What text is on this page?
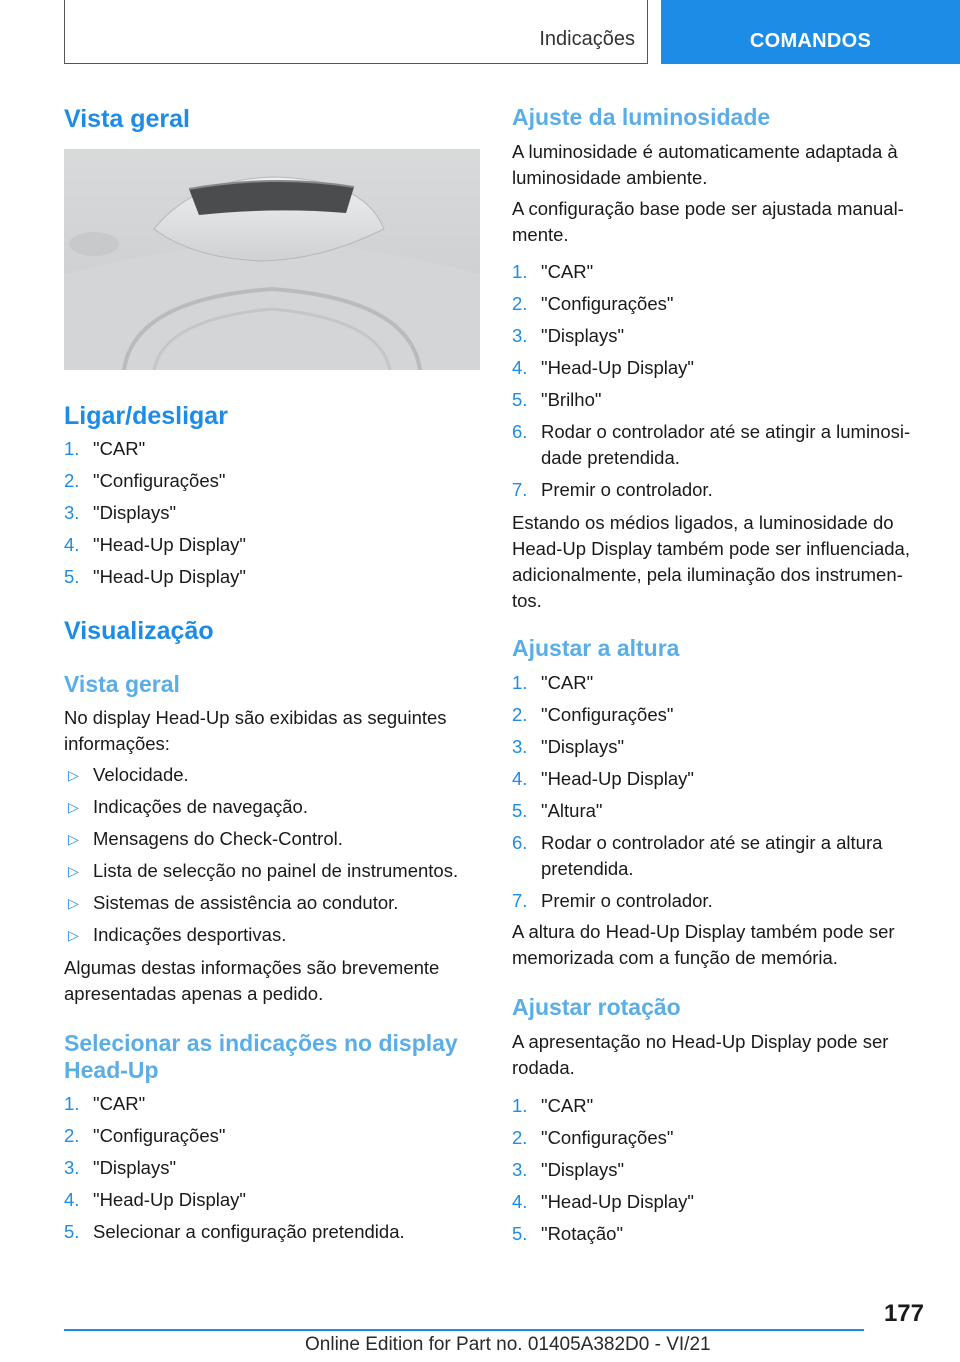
Indicações	COMANDOS
Vista geral
Ligar/desligar
1. "CAR"
2. "Configurações"
3. "Displays"
4. "Head-Up Display"
5. "Head-Up Display"
Visualização
Vista geral

No display Head-Up são exibidas as seguintes informações:

▷ Velocidade.
▷ Indicações de navegação.
▷ Mensagens do Check-Control.
▷ Lista de selecção no painel de instrumentos.
▷ Sistemas de assistência ao condutor.
▷ Indicações desportivas.

Algumas destas informações são brevemente apresentadas apenas a pedido.

Selecionar as indicações no display Head-Up
1. "CAR"
2. "Configurações"
3. "Displays"
4. "Head-Up Display"
5. Selecionar a configuração pretendida.
Ajuste da luminosidade

A luminosidade é automaticamente adaptada à luminosidade ambiente.

A configuração base pode ser ajustada manual-mente.

1. "CAR"
2. "Configurações"
3. "Displays"
4. "Head-Up Display"
5. "Brilho"
6. Rodar o controlador até se atingir a luminosi-dade pretendida.
7. Premir o controlador.

Estando os médios ligados, a luminosidade do Head-Up Display também pode ser influenciada, adicionalmente, pela iluminação dos instrumen-tos.

Ajustar a altura
1. "CAR"
2. "Configurações"
3. "Displays"
4. "Head-Up Display"
5. "Altura"
6. Rodar o controlador até se atingir a altura pretendida.
7. Premir o controlador.

A altura do Head-Up Display também pode ser memorizada com a função de memória.

Ajustar rotação

A apresentação no Head-Up Display pode ser rodada.

1. "CAR"
2. "Configurações"
3. "Displays"
4. "Head-Up Display"
5. "Rotação"
177
Online Edition for Part no. 01405A382D0 - VI/21
